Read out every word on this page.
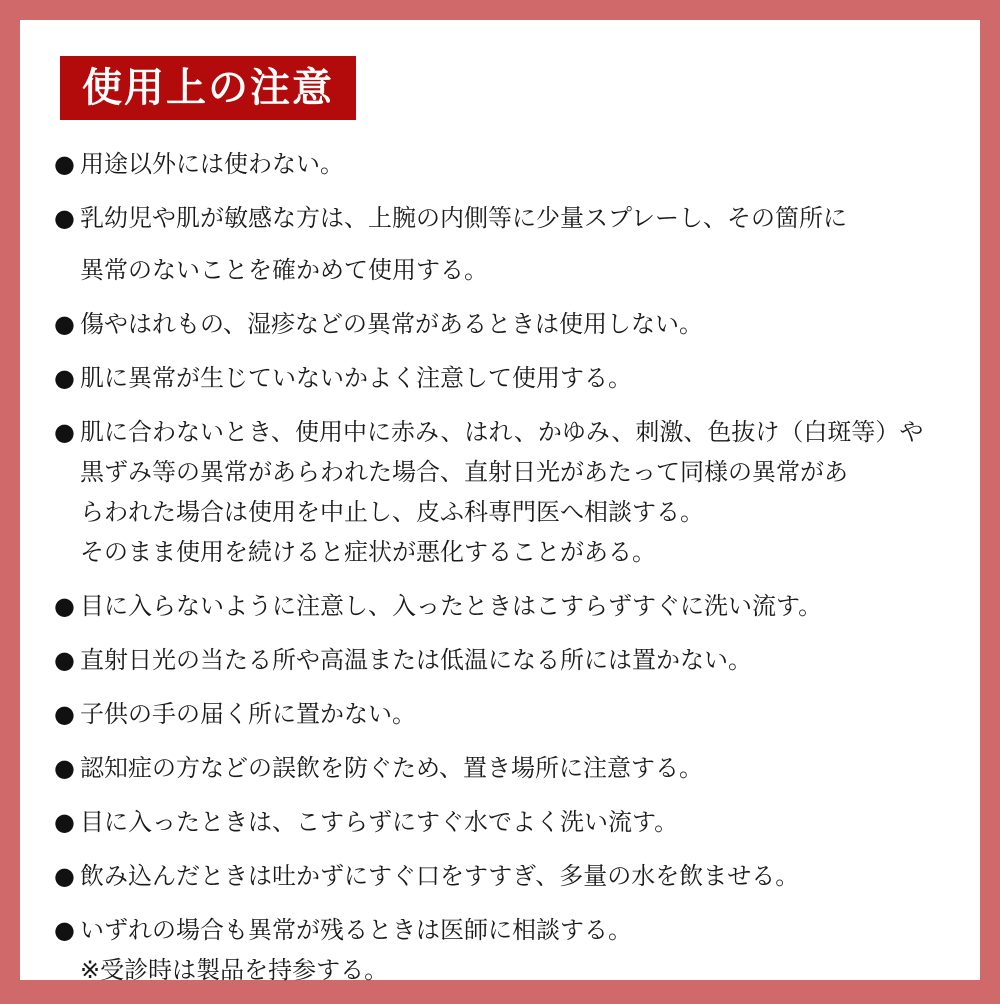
使用上の注意
● 用途以外には使わない。
● 乳幼児や肌が敏感な方は、上腕の内側等に少量スプレーし、その箇所に
異常のないことを確かめて使用する。
● 傷やはれもの、湿疹などの異常があるときは使用しない。
● 肌に異常が生じていないかよく注意して使用する。
● 肌に合わないとき、使用中に赤み、はれ、かゆみ、刺激、色抜け（白斑等）や
黒ずみ等の異常があらわれた場合、直射日光があたって同様の異常があ
らわれた場合は使用を中止し、皮ふ科専門医へ相談する。
そのまま使用を続けると症状が悪化することがある。
● 目に入らないように注意し、入ったときはこすらずすぐに洗い流す。
● 直射日光の当たる所や高温または低温になる所には置かない。
● 子供の手の届く所に置かない。
● 認知症の方などの誤飲を防ぐため、置き場所に注意する。
● 目に入ったときは、こすらずにすぐ水でよく洗い流す。
● 飲み込んだときは吐かずにすぐ口をすすぎ、多量の水を飲ませる。
● いずれの場合も異常が残るときは医師に相談する。
※受診時は製品を持参する。
